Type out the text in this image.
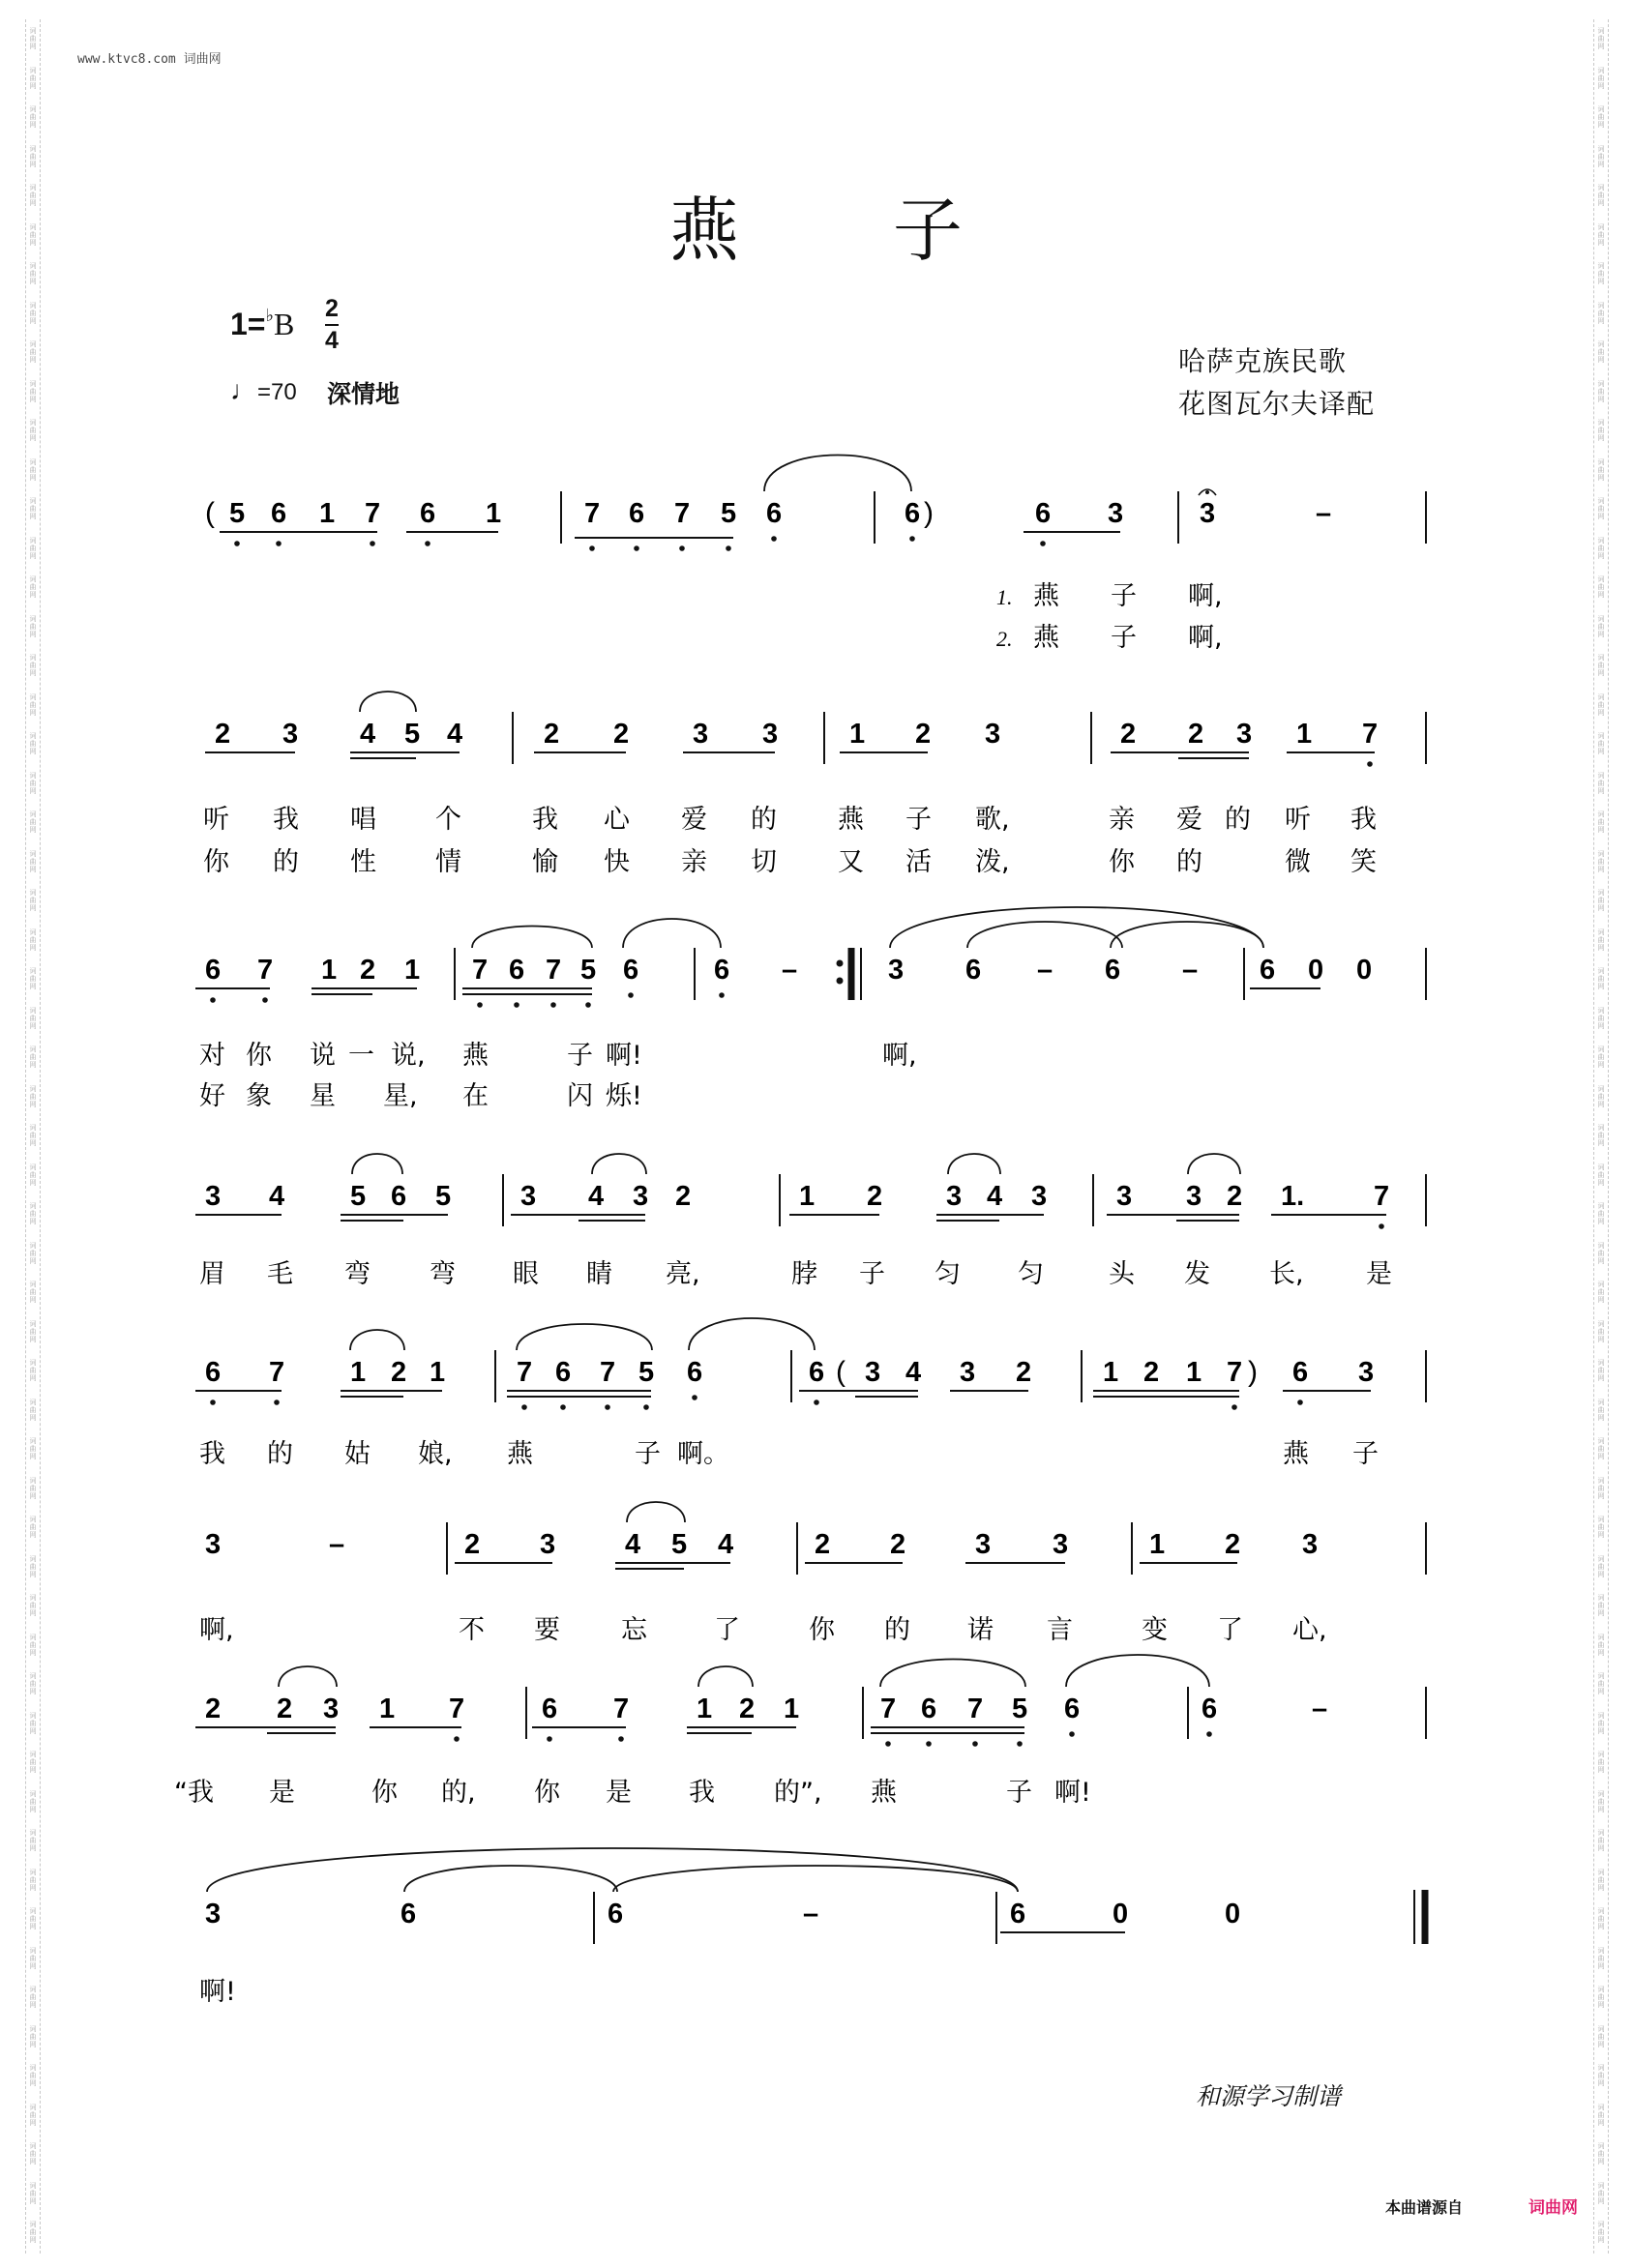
词
曲
网
词
曲
网
词
曲
网
词
曲
网
词
曲
网
词
曲
网
词
曲
网
词
曲
网
词
曲
网
词
曲
网
词
曲
网
词
曲
网
词
曲
网
词
曲
网
词
曲
网
词
曲
网
词
曲
网
词
曲
网
词
曲
网
词
曲
网
词
曲
网
词
曲
网
词
曲
网
词
曲
网
词
曲
网
词
曲
网
词
曲
网
词
曲
网
词
曲
网
词
曲
网
词
曲
网
词
曲
网
词
曲
网
词
曲
网
词
曲
网
词
曲
网
词
曲
网
词
曲
网
词
曲
网
词
曲
网
词
曲
网
词
曲
网
词
曲
网
词
曲
网
词
曲
网
词
曲
网
词
曲
网
词
曲
网
词
曲
网
词
曲
网
词
曲
网
词
曲
网
词
曲
网
词
曲
网
词
曲
网
词
曲
网
词
曲
网
词
曲
网
词
曲
网
词
曲
网
词
曲
网
词
曲
网
词
曲
网
词
曲
网
词
曲
网
词
曲
网
词
曲
网
词
曲
网
词
曲
网
词
曲
网
词
曲
网
词
曲
网
词
曲
网
词
曲
网
词
曲
网
词
曲
网
词
曲
网
词
曲
网
词
曲
网
词
曲
网
词
曲
网
词
曲
网
词
曲
网
词
曲
网
词
曲
网
词
曲
网
词
曲
网
词
曲
网
词
曲
网
词
曲
网
词
曲
网
词
曲
网
词
曲
网
词
曲
网
词
曲
网
词
曲
网
词
曲
网
词
曲
网
词
曲
网
词
曲
网
词
曲
网
词
曲
网
词
曲
网
词
曲
网
词
曲
网
词
曲
网
词
曲
网
词
曲
网
词
曲
网
词
曲
网
词
曲
网
词
曲
网
词
曲
网
词
曲
网
www.ktvc8.com 词曲网
燕 子
1=♭B 2
4
♩=70 深情地
哈萨克族民歌
花图瓦尔夫译配
( 5 6 1 7 6 1	7 6 7 5 6	6 )	6 3	3	–
1. 燕 子 啊,
2. 燕 子 啊,
2 3 4 5 4	2 2 3 3	1 2 3	2 2 3 1 7
听 我 唱 个	我 心 爱 的 燕 子 歌,	亲 爱 的 听 我
你 的 性 情	愉 快 亲 切 又 活 泼,	你 的	微 笑
6 7 1 2 1 7 6 7 5 6	6 –	3 6 – 6 – 6 0 0
对 你 说 一 说, 燕	子 啊!	啊,
好 象 星 星, 在	闪 烁!
3 4 5 6 5 3 4 3 2	1 2 3 4 3 3 3 2 1. 7
眉 毛 弯 弯 眼 睛 亮,	脖 子 匀 匀 头 发 长, 是
6 7 1 2 1	7 6 7 5 6	6 ( 3 4 3 2	1 2 1 7 ) 6 3
我 的 姑 娘, 燕	子 啊。	燕 子
3	–	2 3 4 5 4	2 2 3 3	1 2 3
啊,	不 要 忘	了	你 的 诺 言	变 了 心,
2 2 3 1 7	6 7 1 2 1	7 6 7 5 6	6	–
“我 是	你 的, 你 是 我 的”, 燕	子 啊!
3	6	6	–	6	0	0
啊!
和源学习制谱
本曲谱源自	词曲网
